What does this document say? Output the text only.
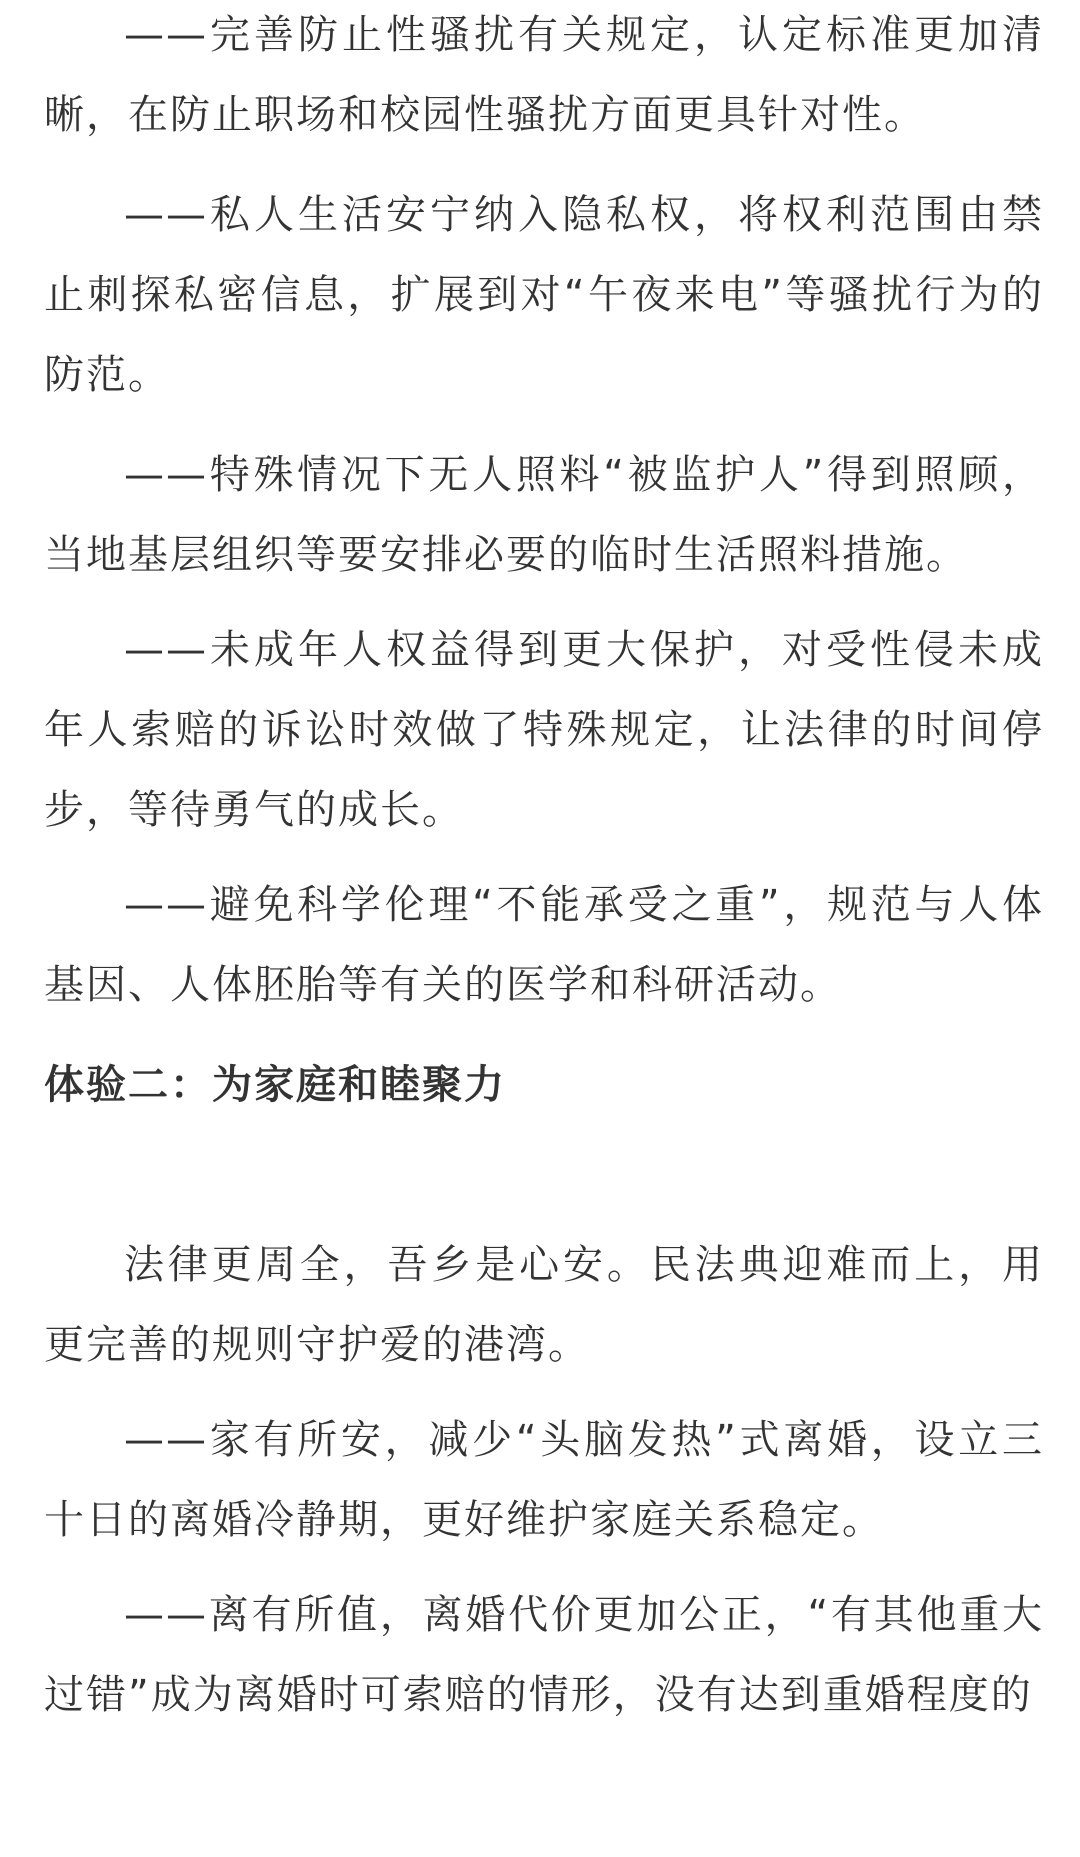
——完善防止性骚扰有关规定，认定标准更加清晰，在防止职场和校园性骚扰方面更具针对性。

——私人生活安宁纳入隐私权，将权利范围由禁止刺探私密信息，扩展到对“午夜来电”等骚扰行为的防范。

——特殊情况下无人照料“被监护人”得到照顾，当地基层组织等要安排必要的临时生活照料措施。

——未成年人权益得到更大保护，对受性侵未成年人索赔的诉讼时效做了特殊规定，让法律的时间停步，等待勇气的成长。

——避免科学伦理“不能承受之重”，规范与人体基因、人体胚胎等有关的医学和科研活动。

体验二：为家庭和睦聚力

法律更周全，吾乡是心安。民法典迎难而上，用更完善的规则守护爱的港湾。

——家有所安，减少“头脑发热”式离婚，设立三十日的离婚冷静期，更好维护家庭关系稳定。

——离有所值，离婚代价更加公正，“有其他重大过错”成为离婚时可索赔的情形，没有达到重婚程度的
